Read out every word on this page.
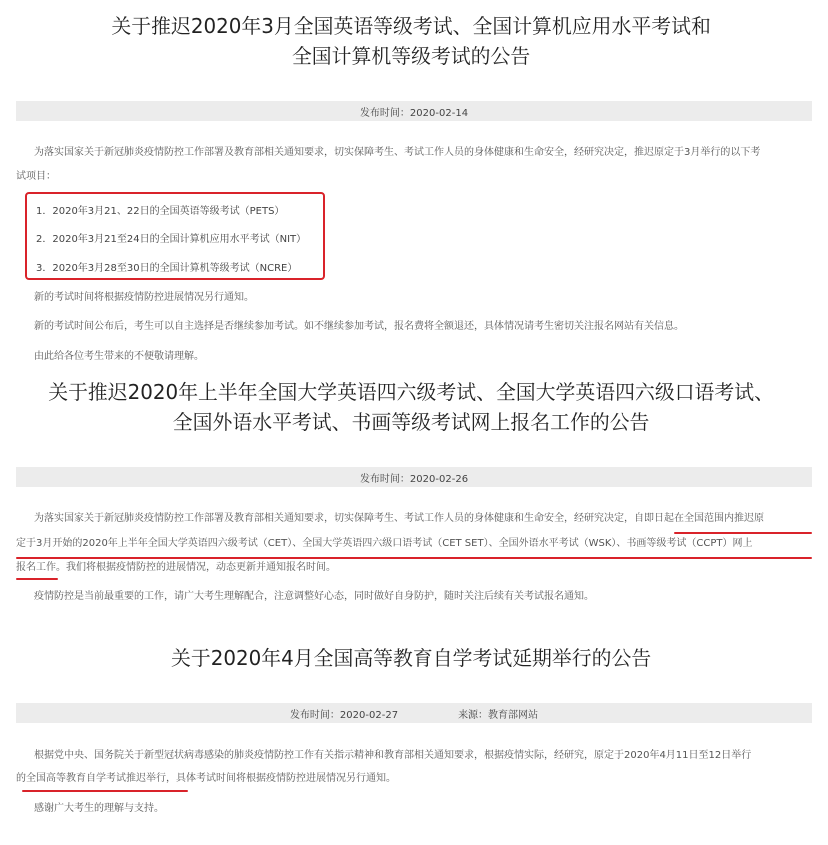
关于推迟2020年3月全国英语等级考试、全国计算机应用水平考试和
全国计算机等级考试的公告
发布时间：2020-02-14

为落实国家关于新冠肺炎疫情防控工作部署及教育部相关通知要求，切实保障考生、考试工作人员的身体健康和生命安全，经研究决定，推迟原定于3月举行的以下考

试项目：

1．2020年3月21、22日的全国英语等级考试（PETS）
2．2020年3月21至24日的全国计算机应用水平考试（NIT）
3．2020年3月28至30日的全国计算机等级考试（NCRE）

新的考试时间将根据疫情防控进展情况另行通知。

新的考试时间公布后，考生可以自主选择是否继续参加考试。如不继续参加考试，报名费将全额退还，具体情况请考生密切关注报名网站有关信息。

由此给各位考生带来的不便敬请理解。

关于推迟2020年上半年全国大学英语四六级考试、全国大学英语四六级口语考试、
全国外语水平考试、书画等级考试网上报名工作的公告
发布时间：2020-02-26

为落实国家关于新冠肺炎疫情防控工作部署及教育部相关通知要求，切实保障考生、考试工作人员的身体健康和生命安全，经研究决定，自即日起在全国范围内推迟原

定于3月开始的2020年上半年全国大学英语四六级考试（CET）、全国大学英语四六级口语考试（CET SET）、全国外语水平考试（WSK）、书画等级考试（CCPT）网上

报名工作。我们将根据疫情防控的进展情况，动态更新并通知报名时间。

疫情防控是当前最重要的工作，请广大考生理解配合，注意调整好心态，同时做好自身防护，随时关注后续有关考试报名通知。

关于2020年4月全国高等教育自学考试延期举行的公告
发布时间：2020-02-27	来源：教育部网站

根据党中央、国务院关于新型冠状病毒感染的肺炎疫情防控工作有关指示精神和教育部相关通知要求，根据疫情实际，经研究，原定于2020年4月11日至12日举行

的全国高等教育自学考试推迟举行，具体考试时间将根据疫情防控进展情况另行通知。

感谢广大考生的理解与支持。
